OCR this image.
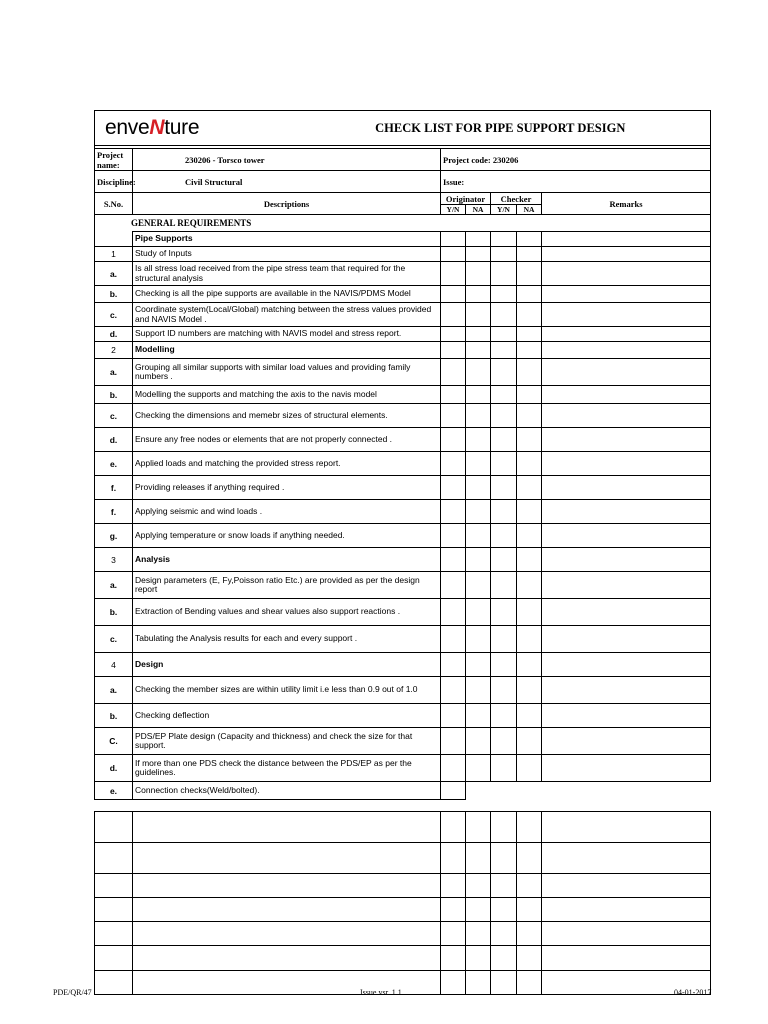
enveNture		CHECK LIST FOR PIPE SUPPORT DESIGN

Project name:	230206 - Torsco tower	Project code: 230206
Discipline:	Civil Structural	Issue:
S.No.	Descriptions	Originator		Checker		Remarks
		Y/N	NA	Y/N	NA	
GENERAL REQUIREMENTS						
	Pipe Supports					
1	Study of Inputs					
a.	Is all stress load received from the pipe stress team that required for the structural analysis					
b.	Checking is all the pipe supports are available in the NAVIS/PDMS Model					
c.	Coordinate system(Local/Global) matching between the stress values provided and NAVIS Model .					
d.	Support ID numbers are matching with NAVIS model and stress report.					
2	Modelling					
a.	Grouping all similar supports with similar load values and providing family numbers .					
b.	Modelling the supports and matching the axis to the navis model					
c.	Checking the dimensions and memebr sizes of structural elements.					
d.	Ensure any free nodes or elements that are not properly connected .					
e.	Applied loads and matching the provided stress report.					
f.	Providing releases if anything required .					
f.	Applying seismic and wind loads .					
g.	Applying temperature or snow loads if anything needed.					
3	Analysis					
a.	Design parameters (E, Fy,Poisson ratio Etc.) are provided as per the design report					
b.	Extraction of Bending values and shear values also support reactions .					
c.	Tabulating the Analysis results for each and every support .					
4	Design					
a.	Checking the member sizes are within utility limit i.e less than 0.9 out of 1.0					
b.	Checking deflection					
C.	PDS/EP Plate design (Capacity and thickness) and check the size for that support.					
d.	If more than one PDS check the distance between the PDS/EP as per the guidelines.					
e.	Connection checks(Weld/bolted).					

PDE/QR/47	Issue vsr. 1.1	04-01-2017
